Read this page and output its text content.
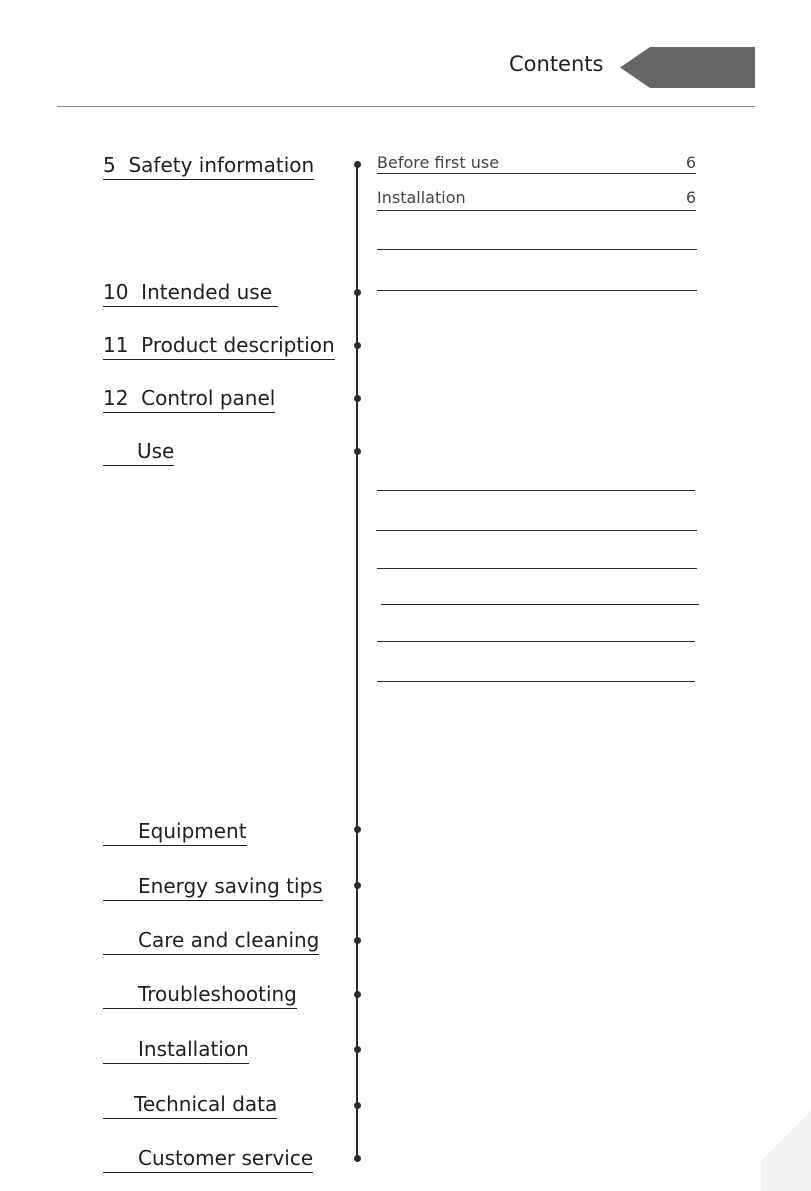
Contents
5 Safety information
10 Intended use
11 Product description
12 Control panel
Use
Equipment
Energy saving tips
Care and cleaning
Troubleshooting
Installation
Technical data
Customer service
Before first use	6
Installation	6
